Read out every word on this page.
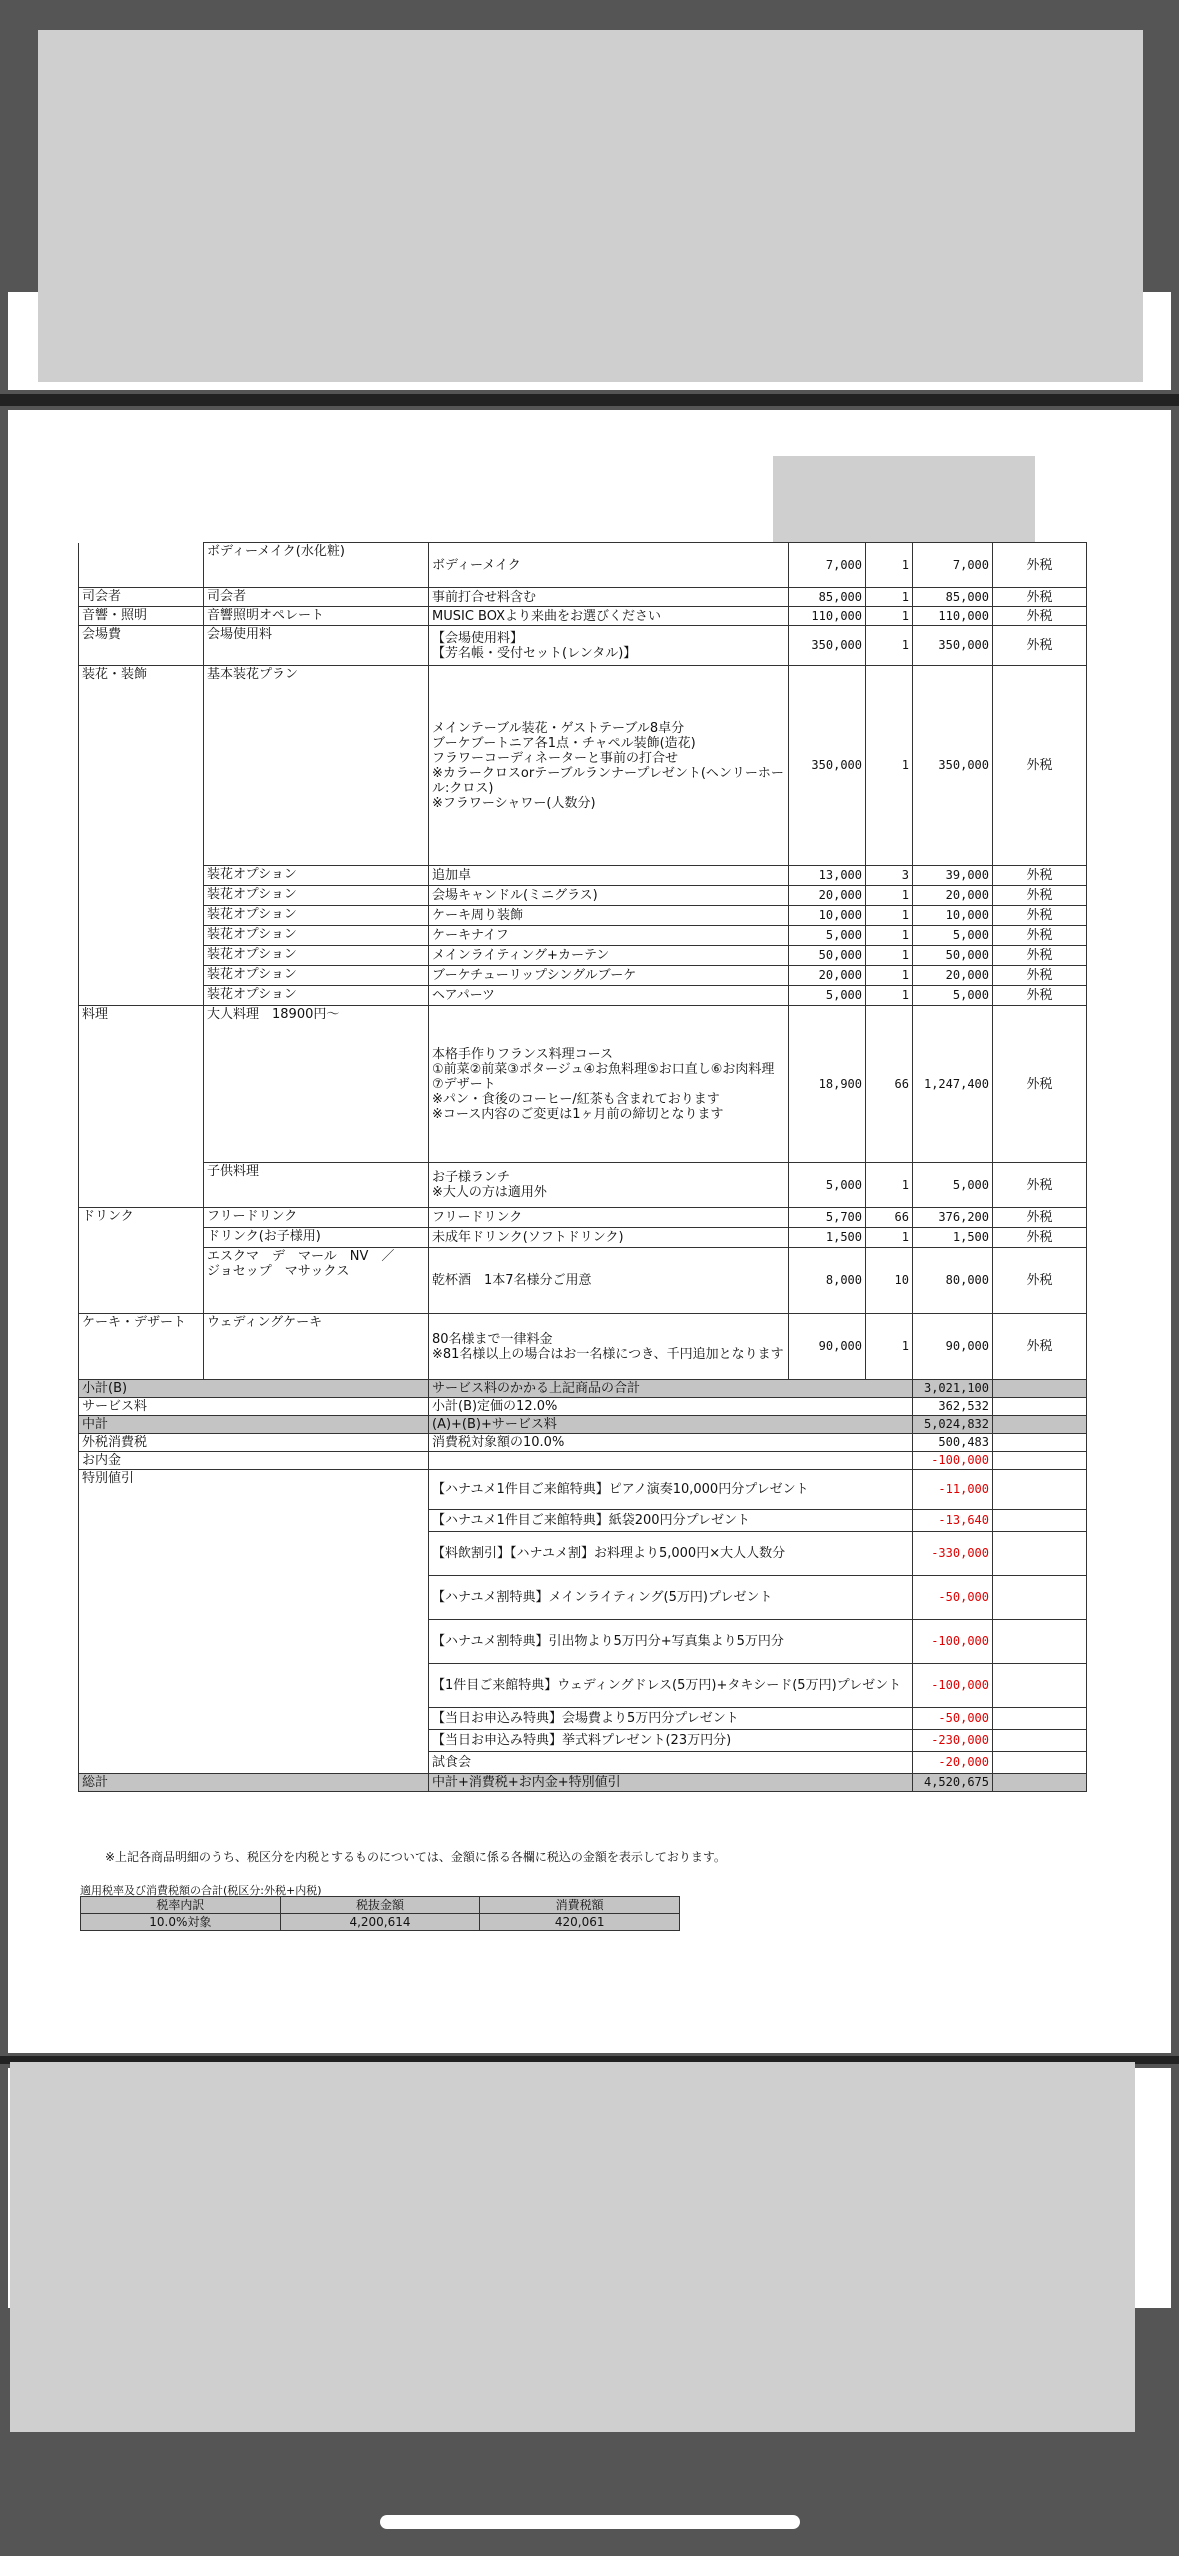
	ボディーメイク(水化粧)	ボディーメイク	7,000	1	7,000	外税
司会者	司会者	事前打合せ料含む	85,000	1	85,000	外税
音響・照明	音響照明オペレート	MUSIC BOXより来曲をお選びください	110,000	1	110,000	外税
会場費	会場使用料	【会場使用料】
【芳名帳・受付セット(レンタル)】	350,000	1	350,000	外税
装花・装飾	基本装花プラン	メインテーブル装花・ゲストテーブル8卓分
ブーケブートニア各1点・チャペル装飾(造花)
フラワーコーディネーターと事前の打合せ
※カラークロスorテーブルランナープレゼント(ヘンリーホール:クロス)
※フラワーシャワー(人数分)	350,000	1	350,000	外税
	装花オプション	追加卓	13,000	3	39,000	外税
	装花オプション	会場キャンドル(ミニグラス)	20,000	1	20,000	外税
	装花オプション	ケーキ周り装飾	10,000	1	10,000	外税
	装花オプション	ケーキナイフ	5,000	1	5,000	外税
	装花オプション	メインライティング+カーテン	50,000	1	50,000	外税
	装花オプション	ブーケチューリップシングルブーケ	20,000	1	20,000	外税
	装花オプション	ヘアパーツ	5,000	1	5,000	外税
料理	大人料理　18900円～	本格手作りフランス料理コース
①前菜②前菜③ポタージュ④お魚料理⑤お口直し⑥お肉料理⑦デザート
※パン・食後のコーヒー/紅茶も含まれております
※コース内容のご変更は1ヶ月前の締切となります	18,900	66	1,247,400	外税
	子供料理	お子様ランチ
※大人の方は適用外	5,000	1	5,000	外税
ドリンク	フリードリンク	フリードリンク	5,700	66	376,200	外税
	ドリンク(お子様用)	未成年ドリンク(ソフトドリンク)	1,500	1	1,500	外税
	エスクマ　デ　マール　NV　／
ジョセップ　マサックス	乾杯酒　1本7名様分ご用意	8,000	10	80,000	外税
ケーキ・デザート	ウェディングケーキ	80名様まで一律料金
※81名様以上の場合はお一名様につき、千円追加となります	90,000	1	90,000	外税
小計(B)		サービス料のかかる上記商品の合計			3,021,100	
サービス料		小計(B)定価の12.0%			362,532	
中計		(A)+(B)+サービス料			5,024,832	
外税消費税		消費税対象額の10.0%			500,483	
お内金					-100,000	
特別値引		【ハナユメ1件目ご来館特典】ピアノ演奏10,000円分プレゼント			-11,000	
		【ハナユメ1件目ご来館特典】紙袋200円分プレゼント			-13,640	
		【料飲割引】【ハナユメ割】お料理より5,000円×大人人数分			-330,000	
		【ハナユメ割特典】メインライティング(5万円)プレゼント			-50,000	
		【ハナユメ割特典】引出物より5万円分+写真集より5万円分			-100,000	
		【1件目ご来館特典】ウェディングドレス(5万円)+タキシード(5万円)プレゼント			-100,000	
		【当日お申込み特典】会場費より5万円分プレゼント			-50,000	
		【当日お申込み特典】挙式料プレゼント(23万円分)			-230,000	
		試食会			-20,000	
総計		中計+消費税+お内金+特別値引			4,520,675	
※上記各商品明細のうち、税区分を内税とするものについては、金額に係る各欄に税込の金額を表示しております。
適用税率及び消費税額の合計(税区分:外税+内税)
税率内訳	税抜金額	消費税額
10.0%対象	4,200,614	420,061
